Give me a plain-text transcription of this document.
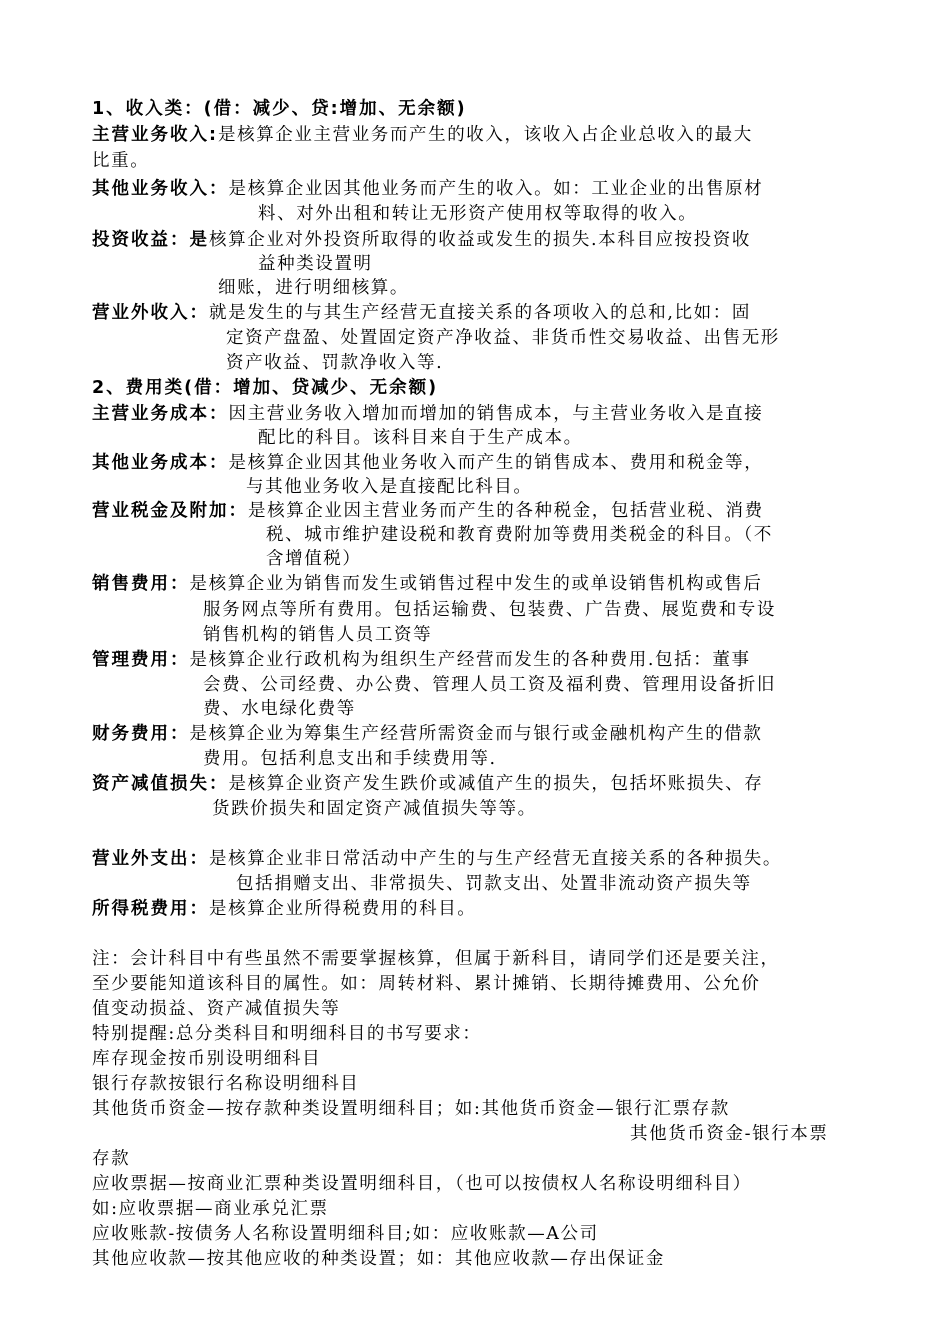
1、收入类：(借：减少、贷:增加、无余额)
主营业务收入:是核算企业主营业务而产生的收入，该收入占企业总收入的最大
比重。
其他业务收入：是核算企业因其他业务而产生的收入。如：工业企业的出售原材
料、对外出租和转让无形资产使用权等取得的收入。
投资收益：是核算企业对外投资所取得的收益或发生的损失.本科目应按投资收
益种类设置明
细账，进行明细核算。
营业外收入：就是发生的与其生产经营无直接关系的各项收入的总和,比如：固
定资产盘盈、处置固定资产净收益、非货币性交易收益、出售无形
资产收益、罚款净收入等.
2、费用类(借：增加、贷减少、无余额)
主营业务成本：因主营业务收入增加而增加的销售成本，与主营业务收入是直接
配比的科目。该科目来自于生产成本。
其他业务成本：是核算企业因其他业务收入而产生的销售成本、费用和税金等，
与其他业务收入是直接配比科目。
营业税金及附加：是核算企业因主营业务而产生的各种税金，包括营业税、消费
税、城市维护建设税和教育费附加等费用类税金的科目。（不
含增值税）
销售费用：是核算企业为销售而发生或销售过程中发生的或单设销售机构或售后
服务网点等所有费用。包括运输费、包装费、广告费、展览费和专设
销售机构的销售人员工资等
管理费用：是核算企业行政机构为组织生产经营而发生的各种费用.包括：董事
会费、公司经费、办公费、管理人员工资及福利费、管理用设备折旧
费、水电绿化费等
财务费用：是核算企业为筹集生产经营所需资金而与银行或金融机构产生的借款
费用。包括利息支出和手续费用等.
资产减值损失：是核算企业资产发生跌价或减值产生的损失，包括坏账损失、存
货跌价损失和固定资产减值损失等等。
营业外支出：是核算企业非日常活动中产生的与生产经营无直接关系的各种损失。
包括捐赠支出、非常损失、罚款支出、处置非流动资产损失等
所得税费用：是核算企业所得税费用的科目。
注：会计科目中有些虽然不需要掌握核算，但属于新科目，请同学们还是要关注，
至少要能知道该科目的属性。如：周转材料、累计摊销、长期待摊费用、公允价
值变动损益、资产减值损失等
特别提醒:总分类科目和明细科目的书写要求：
库存现金按币别设明细科目
银行存款按银行名称设明细科目
其他货币资金—按存款种类设置明细科目；如:其他货币资金—银行汇票存款
其他货币资金-银行本票
存款
应收票据—按商业汇票种类设置明细科目，（也可以按债权人名称设明细科目）
如:应收票据—商业承兑汇票
应收账款-按债务人名称设置明细科目;如：应收账款—A公司
其他应收款—按其他应收的种类设置；如：其他应收款—存出保证金
